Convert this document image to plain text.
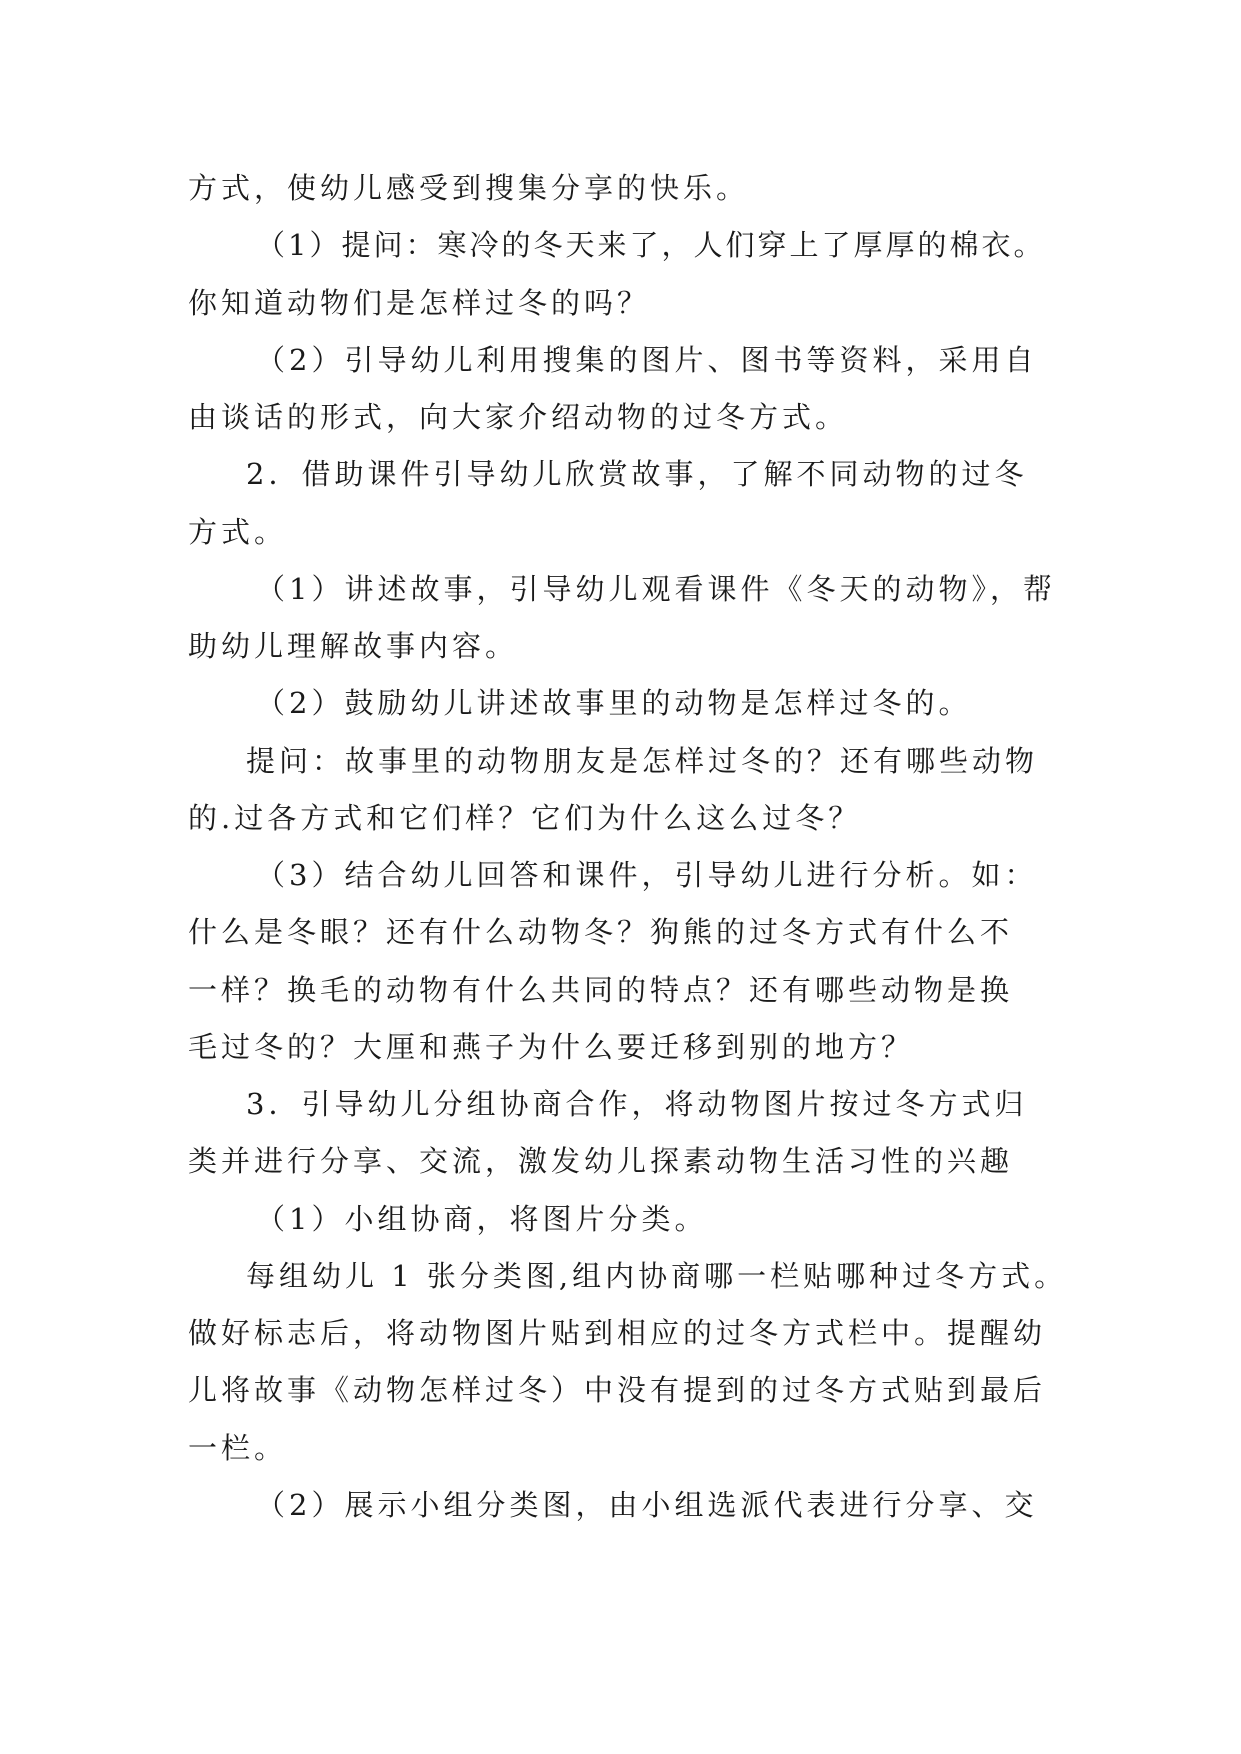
方式，使幼儿感受到搜集分享的快乐。
（1）提问：寒冷的冬天来了，人们穿上了厚厚的棉衣。
你知道动物们是怎样过冬的吗？
（2）引导幼儿利用搜集的图片、图书等资料，采用自
由谈话的形式，向大家介绍动物的过冬方式。
2．借助课件引导幼儿欣赏故事，了解不同动物的过冬
方式。
（1）讲述故事，引导幼儿观看课件《冬天的动物》，帮
助幼儿理解故事内容。
（2）鼓励幼儿讲述故事里的动物是怎样过冬的。
提问：故事里的动物朋友是怎样过冬的？还有哪些动物
的.过各方式和它们样？它们为什么这么过冬？
（3）结合幼儿回答和课件，引导幼儿进行分析。如：
什么是冬眼？还有什么动物冬？狗熊的过冬方式有什么不
一样？换毛的动物有什么共同的特点？还有哪些动物是换
毛过冬的？大厘和燕子为什么要迁移到别的地方？
3．引导幼儿分组协商合作，将动物图片按过冬方式归
类并进行分享、交流，激发幼儿探素动物生活习性的兴趣
（1）小组协商，将图片分类。
每组幼儿 1 张分类图,组内协商哪一栏贴哪种过冬方式。
做好标志后，将动物图片贴到相应的过冬方式栏中。提醒幼
儿将故事《动物怎样过冬）中没有提到的过冬方式贴到最后
一栏。
（2）展示小组分类图，由小组选派代表进行分享、交
